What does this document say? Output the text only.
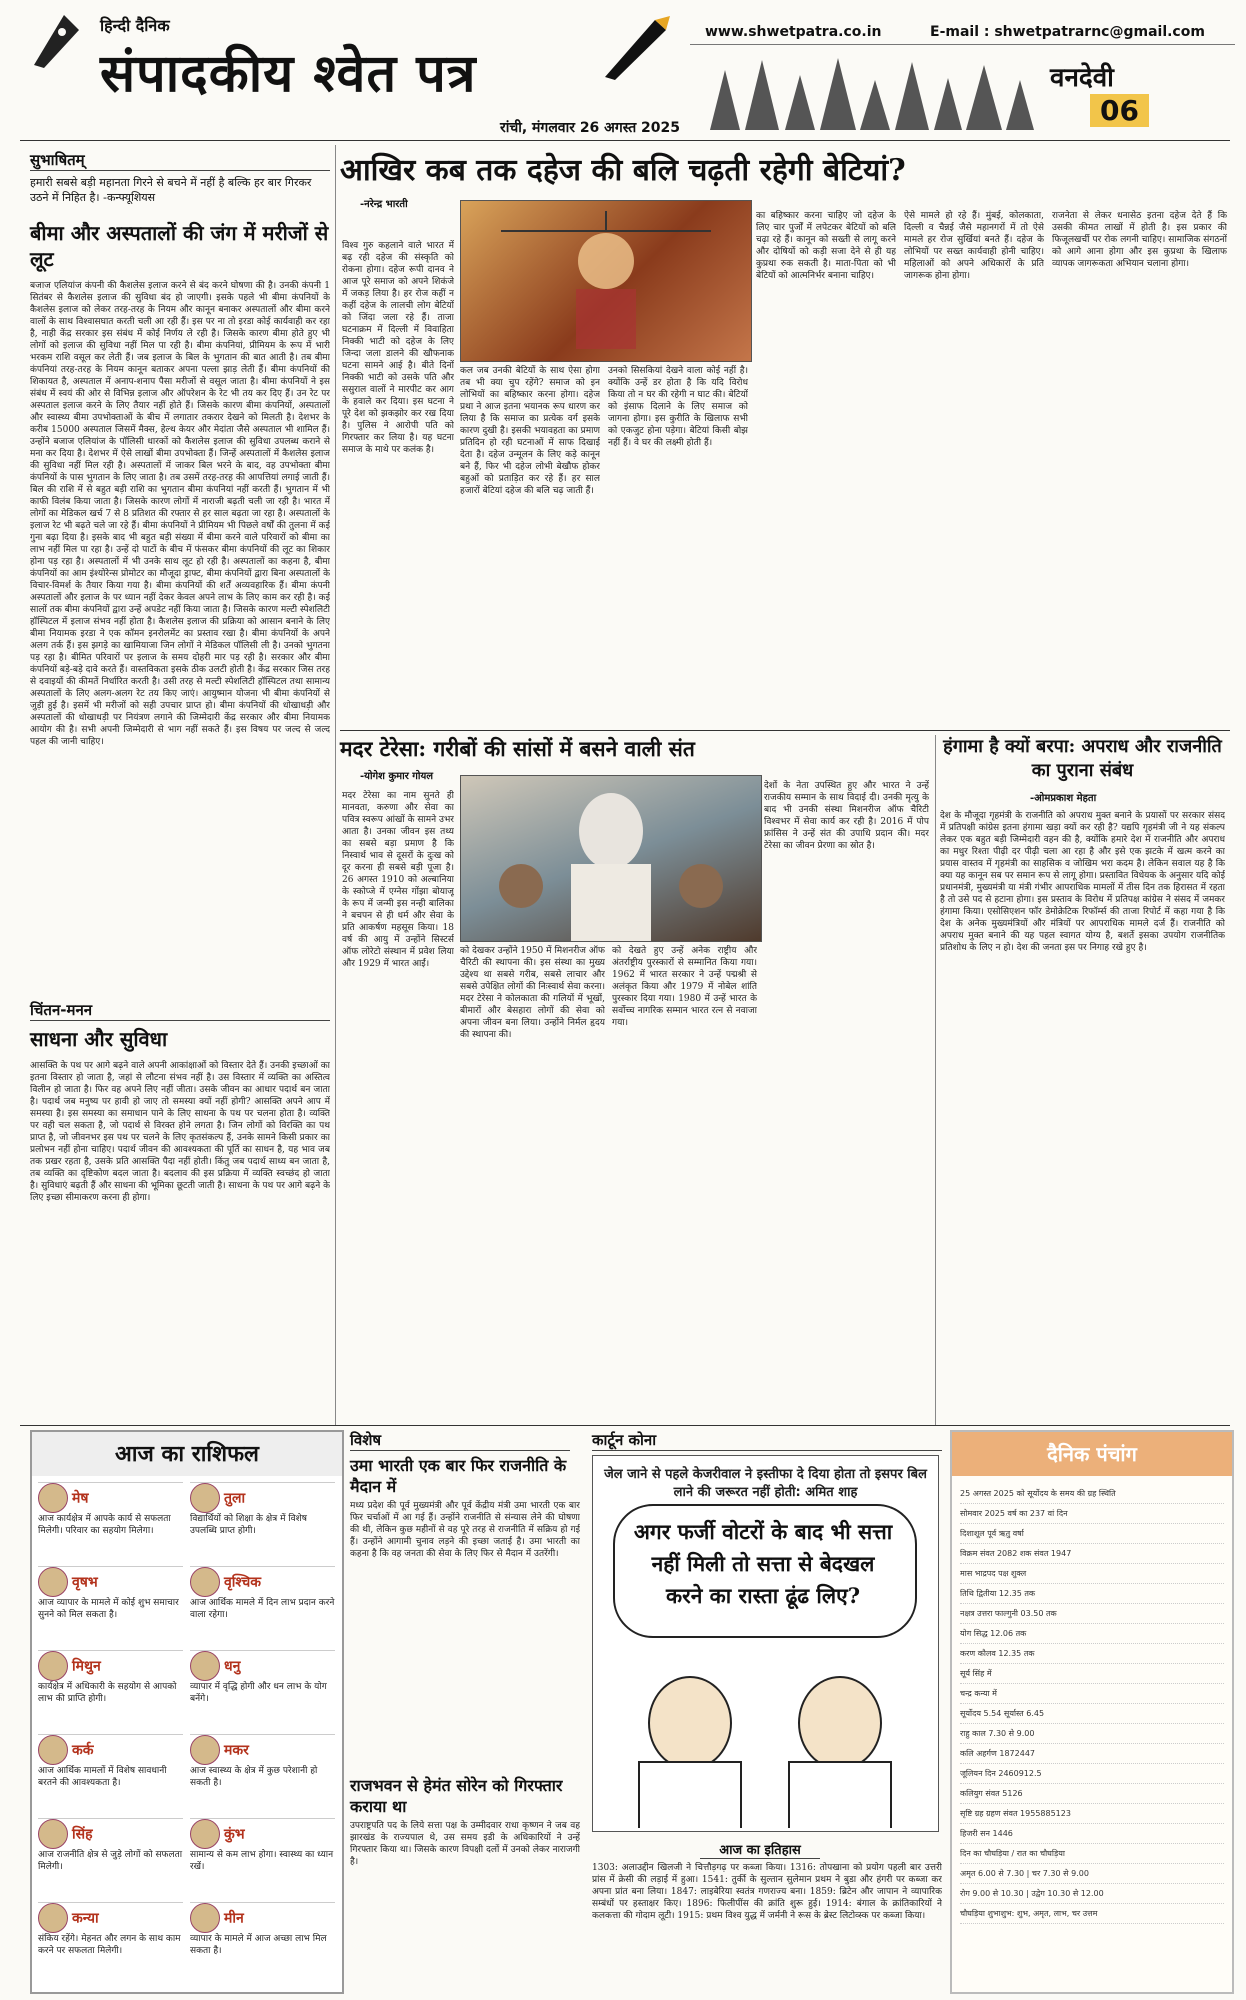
हिन्दी दैनिक
संपादकीय श्वेत पत्र
रांची, मंगलवार 26 अगस्त 2025
www.shwetpatra.co.in	E-mail : shwetpatrarnc@gmail.com
वनदेवी
06
सुभाषितम्
हमारी सबसे बड़ी महानता गिरने से बचने में नहीं है बल्कि हर बार गिरकर उठने में निहित है। -कन्फ्यूशियस
बीमा और अस्पतालों की जंग में मरीजों से लूट
बजाज एलियांज कंपनी की कैशलेस इलाज करने से बंद करने घोषणा की है। उनकी कंपनी 1 सितंबर से कैशलेस इलाज की सुविधा बंद हो जाएगी। इसके पहले भी बीमा कंपनियों के कैशलेस इलाज को लेकर तरह-तरह के नियम और कानून बनाकर अस्पतालों और बीमा करने वालों के साथ विश्वासघात करती चली आ रही हैं। इस पर ना तो इरडा कोई कार्यवाही कर रहा है, नाही केंद्र सरकार इस संबंध में कोई निर्णय ले रही है। जिसके कारण बीमा होते हुए भी लोगों को इलाज की सुविधा नहीं मिल पा रही है। बीमा कंपनियां, प्रीमियम के रूप में भारी भरकम राशि वसूल कर लेती हैं। जब इलाज के बिल के भुगतान की बात आती है। तब बीमा कंपनियां तरह-तरह के नियम कानून बताकर अपना पल्ला झाड़ लेती हैं। बीमा कंपनियों की शिकायत है, अस्पताल में अनाप-शनाप पैसा मरीजों से वसूल जाता है। बीमा कंपनियों ने इस संबंध में स्वयं की ओर से विभिन्न इलाज और ऑपरेशन के रेट भी तय कर दिए हैं। उन रेट पर अस्पताल इलाज करने के लिए तैयार नहीं होते हैं। जिसके कारण बीमा कंपनियों, अस्पतालों और स्वास्थ्य बीमा उपभोक्ताओं के बीच में लगातार तकरार देखने को मिलती है। देशभर के करीब 15000 अस्पताल जिसमें मैक्स, हेल्थ केयर और मेदांता जैसे अस्पताल भी शामिल हैं। उन्होंने बजाज एलियांज के पॉलिसी धारकों को कैशलेस इलाज की सुविधा उपलब्ध कराने से मना कर दिया है। देशभर में ऐसे लाखों बीमा उपभोक्ता हैं। जिन्हें अस्पतालों में कैशलेस इलाज की सुविधा नहीं मिल रही है। अस्पतालों में जाकर बिल भरने के बाद, वह उपभोक्ता बीमा कंपनियों के पास भुगतान के लिए जाता है। तब उसमें तरह-तरह की आपत्तियां लगाई जाती हैं। बिल की राशि में से बहुत बड़ी राशि का भुगतान बीमा कंपनियां नहीं करती हैं। भुगतान में भी काफी विलंब किया जाता है। जिसके कारण लोगों में नाराजी बढ़ती चली जा रही है। भारत में लोगों का मेडिकल खर्च 7 से 8 प्रतिशत की रफ्तार से हर साल बढ़ता जा रहा है। अस्पतालों के इलाज रेट भी बढ़ते चले जा रहे हैं। बीमा कंपनियों ने प्रीमियम भी पिछले वर्षों की तुलना में कई गुना बढ़ा दिया है। इसके बाद भी बहुत बड़ी संख्या में बीमा करने वाले परिवारों को बीमा का लाभ नहीं मिल पा रहा है। उन्हें दो पाटों के बीच में फंसकर बीमा कंपनियों की लूट का शिकार होना पड़ रहा है। अस्पतालों में भी उनके साथ लूट हो रही है। अस्पतालों का कहना है, बीमा कंपनियों का आम इंश्योरेन्स प्रोमोटर का मौजूदा ड्राफ्ट, बीमा कंपनियों द्वारा बिना अस्पतालों के विचार-विमर्श के तैयार किया गया है। बीमा कंपनियों की शर्तें अव्यवहारिक हैं। बीमा कंपनी अस्पतालों और इलाज के पर ध्यान नहीं देकर केवल अपने लाभ के लिए काम कर रही है। कई सालों तक बीमा कंपनियों द्वारा उन्हें अपडेट नहीं किया जाता है। जिसके कारण मल्टी स्पेशलिटी हॉस्पिटल में इलाज संभव नहीं होता है। कैशलेस इलाज की प्रक्रिया को आसान बनाने के लिए बीमा नियामक इरडा ने एक कॉमन इनरोलमेंट का प्रस्ताव रखा है। बीमा कंपनियों के अपने अलग तर्क हैं। इस झगड़े का खामियाजा जिन लोगों ने मेडिकल पॉलिसी ली है। उनको भुगतना पड़ रहा है। बीमित परिवारों पर इलाज के समय दोहरी मार पड़ रही है। सरकार और बीमा कंपनियों बड़े-बड़े दावे करते हैं। वास्तविकता इसके ठीक उलटी होती है। केंद्र सरकार जिस तरह से दवाइयों की कीमतें निर्धारित करती है। उसी तरह से मल्टी स्पेशलिटी हॉस्पिटल तथा सामान्य अस्पतालों के लिए अलग-अलग रेट तय किए जाएं। आयुष्मान योजना भी बीमा कंपनियों से जुड़ी हुई है। इसमें भी मरीजों को सही उपचार प्राप्त हो। बीमा कंपनियों की धोखाधड़ी और अस्पतालों की धोखाधड़ी पर नियंत्रण लगाने की जिम्मेदारी केंद्र सरकार और बीमा नियामक आयोग की है। सभी अपनी जिम्मेदारी से भाग नहीं सकते हैं। इस विषय पर जल्द से जल्द पहल की जानी चाहिए।
चिंतन-मनन
साधना और सुविधा
आसक्ति के पथ पर आगे बढ़ने वाले अपनी आकांक्षाओं को विस्तार देते हैं। उनकी इच्छाओं का इतना विस्तार हो जाता है, जहां से लौटना संभव नहीं है। उस विस्तार में व्यक्ति का अस्तित्व विलीन हो जाता है। फिर वह अपने लिए नहीं जीता। उसके जीवन का आधार पदार्थ बन जाता है। पदार्थ जब मनुष्य पर हावी हो जाए तो समस्या क्यों नहीं होगी? आसक्ति अपने आप में समस्या है। इस समस्या का समाधान पाने के लिए साधना के पथ पर चलना होता है। व्यक्ति पर वही चल सकता है, जो पदार्थ से विरक्त होने लगता है। जिन लोगों को विरक्ति का पथ प्राप्त है, जो जीवनभर इस पथ पर चलने के लिए कृतसंकल्प हैं, उनके सामने किसी प्रकार का प्रलोभन नहीं होना चाहिए। पदार्थ जीवन की आवश्यकता की पूर्ति का साधन है, यह भाव जब तक प्रखर रहता है, उसके प्रति आसक्ति पैदा नहीं होती। किंतु जब पदार्थ साध्य बन जाता है, तब व्यक्ति का दृष्टिकोण बदल जाता है। बदलाव की इस प्रक्रिया में व्यक्ति स्वच्छंद हो जाता है। सुविधाएं बढ़ती हैं और साधना की भूमिका छूटती जाती है। साधना के पथ पर आगे बढ़ने के लिए इच्छा सीमाकरण करना ही होगा।
आखिर कब तक दहेज की बलि चढ़ती रहेगी बेटियां?
-नरेन्द्र भारती
विश्व गुरु कहलाने वाले भारत में बढ़ रही दहेज की संस्कृति को रोकना होगा। दहेज रूपी दानव ने आज पूरे समाज को अपने शिकंजे में जकड़ लिया है। हर रोज कहीं न कहीं दहेज के लालची लोग बेटियों को जिंदा जला रहे हैं। ताजा घटनाक्रम में दिल्ली में विवाहिता निक्की भाटी को दहेज के लिए जिन्दा जला डालने की खौफनाक घटना सामने आई है। बीते दिनों निक्की भाटी को उसके पति और ससुराल वालों ने मारपीट कर आग के हवाले कर दिया। इस घटना ने पूरे देश को झकझोर कर रख दिया है। पुलिस ने आरोपी पति को गिरफ्तार कर लिया है। यह घटना समाज के माथे पर कलंक है।
कल जब उनकी बेटियों के साथ ऐसा होगा तब भी क्या चुप रहेंगे? समाज को इन लोभियों का बहिष्कार करना होगा। दहेज प्रथा ने आज इतना भयानक रूप धारण कर लिया है कि समाज का प्रत्येक वर्ग इसके कारण दुखी है। इसकी भयावहता का प्रमाण प्रतिदिन हो रही घटनाओं में साफ दिखाई देता है। दहेज उन्मूलन के लिए कड़े कानून बने हैं, फिर भी दहेज लोभी बेखौफ होकर बहुओं को प्रताड़ित कर रहे हैं। हर साल हजारों बेटियां दहेज की बलि चढ़ जाती हैं।
उनको सिसकियां देखने वाला कोई नहीं है। क्योंकि उन्हें डर होता है कि यदि विरोध किया तो न घर की रहेगी न घाट की। बेटियों को इंसाफ दिलाने के लिए समाज को जागना होगा। इस कुरीति के खिलाफ सभी को एकजुट होना पड़ेगा। बेटियां किसी बोझ नहीं हैं। वे घर की लक्ष्मी होती हैं।
का बहिष्कार करना चाहिए जो दहेज के लिए चार पुर्जों में लपेटकर बेटियों को बलि चढ़ा रहे हैं। कानून को सख्ती से लागू करने और दोषियों को कड़ी सजा देने से ही यह कुप्रथा रुक सकती है। माता-पिता को भी बेटियों को आत्मनिर्भर बनाना चाहिए।
ऐसे मामले हो रहे हैं। मुंबई, कोलकाता, दिल्ली व चैन्नई जैसे महानगरों में तो ऐसे मामले हर रोज सुर्खियां बनते हैं। दहेज के लोभियों पर सख्त कार्यवाही होनी चाहिए। महिलाओं को अपने अधिकारों के प्रति जागरूक होना होगा।
राजनेता से लेकर धनासेठ इतना दहेज देते हैं कि उसकी कीमत लाखों में होती है। इस प्रकार की फिजूलखर्ची पर रोक लगनी चाहिए। सामाजिक संगठनों को आगे आना होगा और इस कुप्रथा के खिलाफ व्यापक जागरूकता अभियान चलाना होगा।
मदर टेरेसा: गरीबों की सांसों में बसने वाली संत
-योगेश कुमार गोयल
मदर टेरेसा का नाम सुनते ही मानवता, करुणा और सेवा का पवित्र स्वरूप आंखों के सामने उभर आता है। उनका जीवन इस तथ्य का सबसे बड़ा प्रमाण है कि निस्वार्थ भाव से दूसरों के दुःख को दूर करना ही सबसे बड़ी पूजा है। 26 अगस्त 1910 को अल्बानिया के स्कोप्जे में एग्नेस गोंझा बोयाजू के रूप में जन्मी इस नन्ही बालिका ने बचपन से ही धर्म और सेवा के प्रति आकर्षण महसूस किया। 18 वर्ष की आयु में उन्होंने सिस्टर्स ऑफ लोरेटो संस्थान में प्रवेश लिया और 1929 में भारत आईं।
को देखकर उन्होंने 1950 में मिशनरीज ऑफ चैरिटी की स्थापना की। इस संस्था का मुख्य उद्देश्य था सबसे गरीब, सबसे लाचार और सबसे उपेक्षित लोगों की निःस्वार्थ सेवा करना। मदर टेरेसा ने कोलकाता की गलियों में भूखों, बीमारों और बेसहारा लोगों की सेवा को अपना जीवन बना लिया। उन्होंने निर्मल हृदय की स्थापना की।
को देखते हुए उन्हें अनेक राष्ट्रीय और अंतर्राष्ट्रीय पुरस्कारों से सम्मानित किया गया। 1962 में भारत सरकार ने उन्हें पद्मश्री से अलंकृत किया और 1979 में नोबेल शांति पुरस्कार दिया गया। 1980 में उन्हें भारत के सर्वोच्च नागरिक सम्मान भारत रत्न से नवाजा गया।
देशों के नेता उपस्थित हुए और भारत ने उन्हें राजकीय सम्मान के साथ विदाई दी। उनकी मृत्यु के बाद भी उनकी संस्था मिशनरीज ऑफ चैरिटी विश्वभर में सेवा कार्य कर रही है। 2016 में पोप फ्रांसिस ने उन्हें संत की उपाधि प्रदान की। मदर टेरेसा का जीवन प्रेरणा का स्रोत है।
हंगामा है क्यों बरपा: अपराध और राजनीति का पुराना संबंध
-ओमप्रकाश मेहता
देश के मौजूदा गृहमंत्री के राजनीति को अपराध मुक्त बनाने के प्रयासों पर सरकार संसद में प्रतिपक्षी कांग्रेस इतना हंगामा खड़ा क्यों कर रही है? यद्यपि गृहमंत्री जी ने यह संकल्प लेकर एक बहुत बड़ी जिम्मेदारी वहन की है, क्योंकि हमारे देश में राजनीति और अपराध का मधुर रिश्ता पीढ़ी दर पीढ़ी चला आ रहा है और इसे एक झटके में खत्म करने का प्रयास वास्तव में गृहमंत्री का साहसिक व जोखिम भरा कदम है। लेकिन सवाल यह है कि क्या यह कानून सब पर समान रूप से लागू होगा। प्रस्तावित विधेयक के अनुसार यदि कोई प्रधानमंत्री, मुख्यमंत्री या मंत्री गंभीर आपराधिक मामलों में तीस दिन तक हिरासत में रहता है तो उसे पद से हटाना होगा। इस प्रस्ताव के विरोध में प्रतिपक्ष कांग्रेस ने संसद में जमकर हंगामा किया। एसोसिएशन फॉर डेमोक्रेटिक रिफॉर्म्स की ताजा रिपोर्ट में कहा गया है कि देश के अनेक मुख्यमंत्रियों और मंत्रियों पर आपराधिक मामले दर्ज हैं। राजनीति को अपराध मुक्त बनाने की यह पहल स्वागत योग्य है, बशर्ते इसका उपयोग राजनीतिक प्रतिशोध के लिए न हो। देश की जनता इस पर निगाह रखे हुए है।
आज का राशिफल
मेष
आज कार्यक्षेत्र में आपके कार्य से सफलता मिलेगी। परिवार का सहयोग मिलेगा।
तुला
विद्यार्थियों को शिक्षा के क्षेत्र में विशेष उपलब्धि प्राप्त होगी।
वृषभ
आज व्यापार के मामले में कोई शुभ समाचार सुनने को मिल सकता है।
वृश्चिक
आज आर्थिक मामले में दिन लाभ प्रदान करने वाला रहेगा।
मिथुन
कार्यक्षेत्र में अधिकारी के सहयोग से आपको लाभ की प्राप्ति होगी।
धनु
व्यापार में वृद्धि होगी और धन लाभ के योग बनेंगे।
कर्क
आज आर्थिक मामलों में विशेष सावधानी बरतने की आवश्यकता है।
मकर
आज स्वास्थ्य के क्षेत्र में कुछ परेशानी हो सकती है।
सिंह
आज राजनीति क्षेत्र से जुड़े लोगों को सफलता मिलेगी।
कुंभ
सामान्य से कम लाभ होगा। स्वास्थ्य का ध्यान रखें।
कन्या
संकिय रहेंगे। मेहनत और लगन के साथ काम करने पर सफलता मिलेगी।
मीन
व्यापार के मामले में आज अच्छा लाभ मिल सकता है।
विशेष
उमा भारती एक बार फिर राजनीति के मैदान में
मध्य प्रदेश की पूर्व मुख्यमंत्री और पूर्व केंद्रीय मंत्री उमा भारती एक बार फिर चर्चाओं में आ गई हैं। उन्होंने राजनीति से संन्यास लेने की घोषणा की थी, लेकिन कुछ महीनों से वह पूरे तरह से राजनीति में सक्रिय हो गई हैं। उन्होंने आगामी चुनाव लड़ने की इच्छा जताई है। उमा भारती का कहना है कि वह जनता की सेवा के लिए फिर से मैदान में उतरेंगी।
राजभवन से हेमंत सोरेन को गिरफ्तार कराया था
उपराष्ट्रपति पद के लिये सत्ता पक्ष के उम्मीदवार राधा कृष्णन ने जब वह झारखंड के राज्यपाल थे, उस समय इडी के अधिकारियों ने उन्हें गिरफ्तार किया था। जिसके कारण विपक्षी दलों में उनको लेकर नाराजगी है।
कार्टून कोना
जेल जाने से पहले केजरीवाल ने इस्तीफा दे दिया होता तो इसपर बिल लाने की जरूरत नहीं होती: अमित शाह
अगर फर्जी वोटरों के बाद भी सत्ता नहीं मिली तो सत्ता से बेदखल करने का रास्ता ढूंढ लिए?
आज का इतिहास
1303: अलाउद्दीन खिलजी ने चित्तौड़गढ़ पर कब्जा किया। 1316: तोपखाना को प्रयोग पहली बार उत्तरी प्रांस में क्रेसी की लड़ाई में हुआ। 1541: तुर्की के सुल्तान सुलेमान प्रथम ने बुडा और हंगरी पर कब्जा कर अपना प्रांत बना लिया। 1847: लाइबेरिया स्वतंत्र गणराज्य बना। 1859: ब्रिटेन और जापान ने व्यापारिक सम्बंधों पर हस्ताक्षर किए। 1896: फिलीपींस की क्रांति शुरू हुई। 1914: बंगाल के क्रांतिकारियों ने कलकत्ता की गोदाम लूटी। 1915: प्रथम विश्व युद्ध में जर्मनी ने रूस के ब्रेस्ट लिटोव्स्क पर कब्जा किया।
दैनिक पंचांग
25 अगस्त 2025 को सूर्योदय के समय की ग्रह स्थिति
सोमवार 2025 वर्ष का 237 वां दिन
दिशाशूल पूर्व ऋतु वर्षा
विक्रम संवत 2082 शक संवत 1947
मास भाद्रपद पक्ष शुक्ल
तिथि द्वितीया 12.35 तक
नक्षत्र उत्तरा फाल्गुनी 03.50 तक
योग सिद्ध 12.06 तक
करण कौलव 12.35 तक
सूर्य सिंह में
चन्द्र कन्या में
सूर्योदय 5.54 सूर्यास्त 6.45
राहु काल 7.30 से 9.00
कलि अहर्गण 1872447
जूलियन दिन 2460912.5
कलियुग संवत 5126
सृष्टि ग्रह ग्रहण संवत 1955885123
हिजरी सन 1446
दिन का चौघड़िया / रात का चौघड़िया
अमृत 6.00 से 7.30 | चर 7.30 से 9.00
रोग 9.00 से 10.30 | उद्वेग 10.30 से 12.00
चौघड़िया शुभाशुभ: शुभ, अमृत, लाभ, चर उत्तम
